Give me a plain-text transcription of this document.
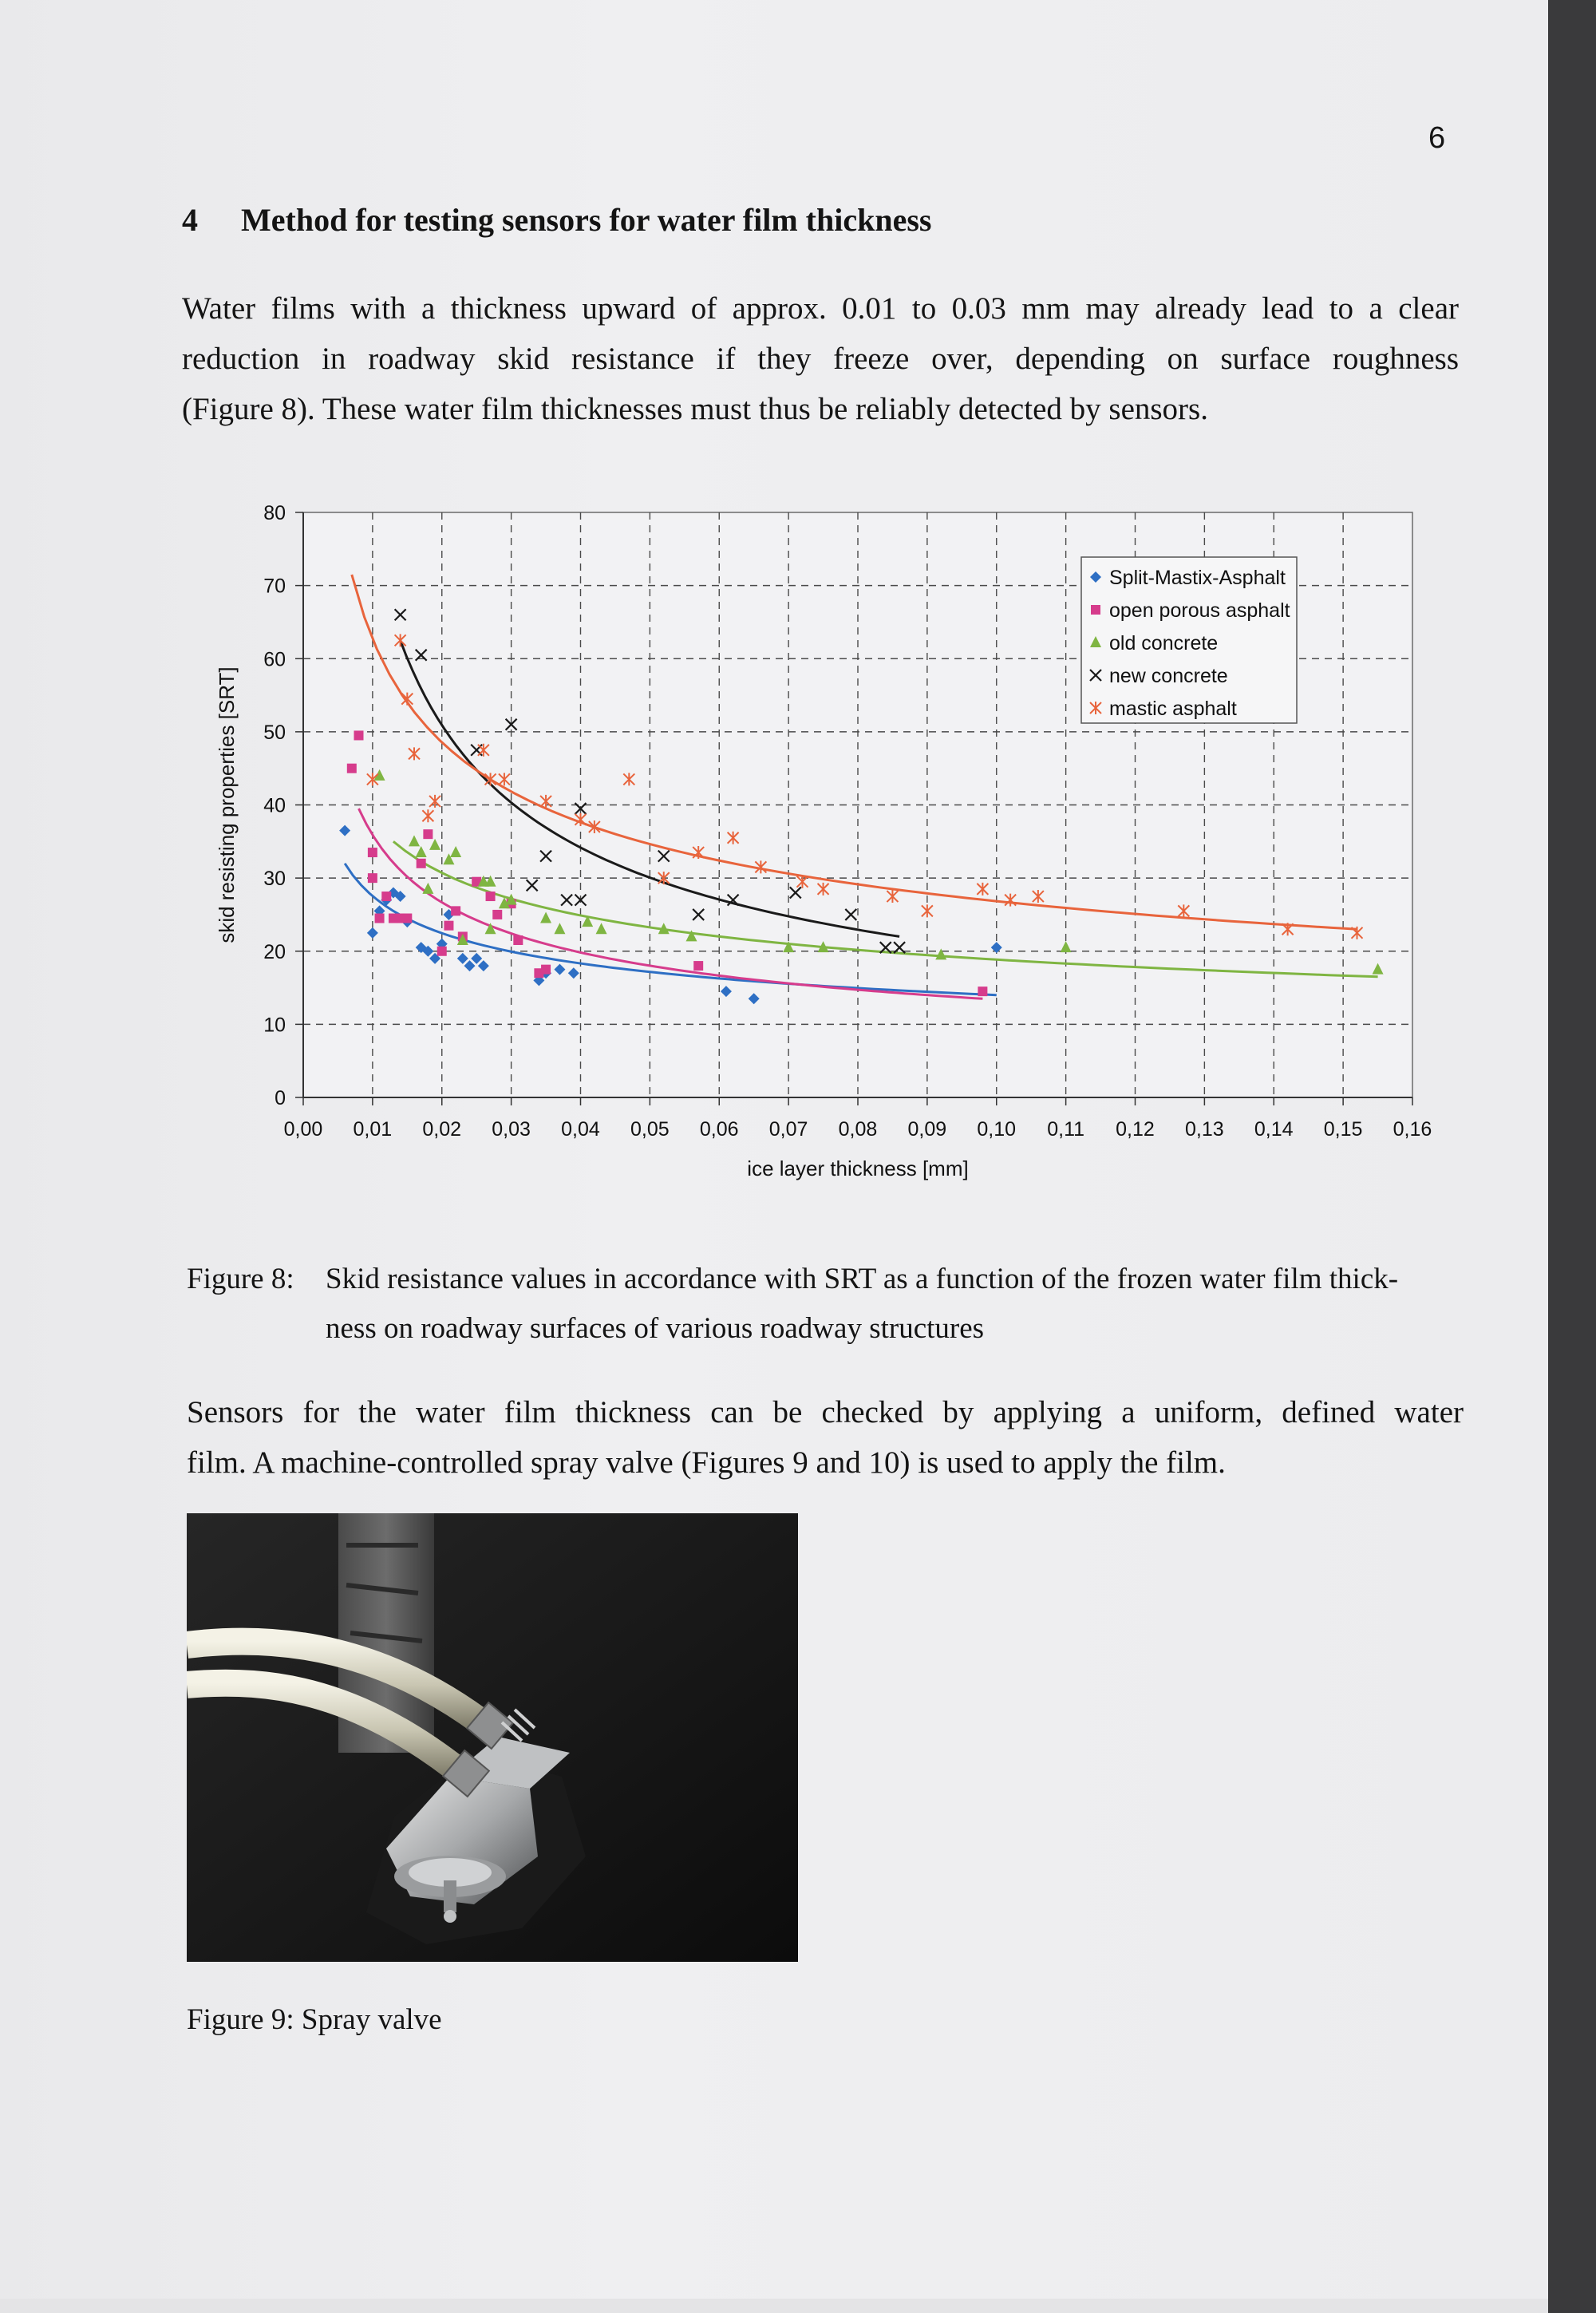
6
4 Method for testing sensors for water film thickness
Water films with a thickness upward of approx. 0.01 to 0.03 mm may already lead to a clear
reduction in roadway skid resistance if they freeze over, depending on surface roughness
(Figure 8). These water film thicknesses must thus be reliably detected by sensors.
0,00 0,01 0,02 0,03 0,04 0,05 0,06 0,07 0,08 0,09 0,10 0,11 0,12 0,13 0,14 0,15 0,16
0
10
20
30
40
50
60
70
80
ice layer thickness [mm]
skid resisting properties [SRT]
Split-Mastix-Asphalt
open porous asphalt
old concrete
new concrete
mastic asphalt
Figure 8: Skid resistance values in accordance with SRT as a function of the frozen water film thick-
ness on roadway surfaces of various roadway structures
Sensors for the water film thickness can be checked by applying a uniform, defined water
film. A machine-controlled spray valve (Figures 9 and 10) is used to apply the film.
Figure 9: Spray valve
